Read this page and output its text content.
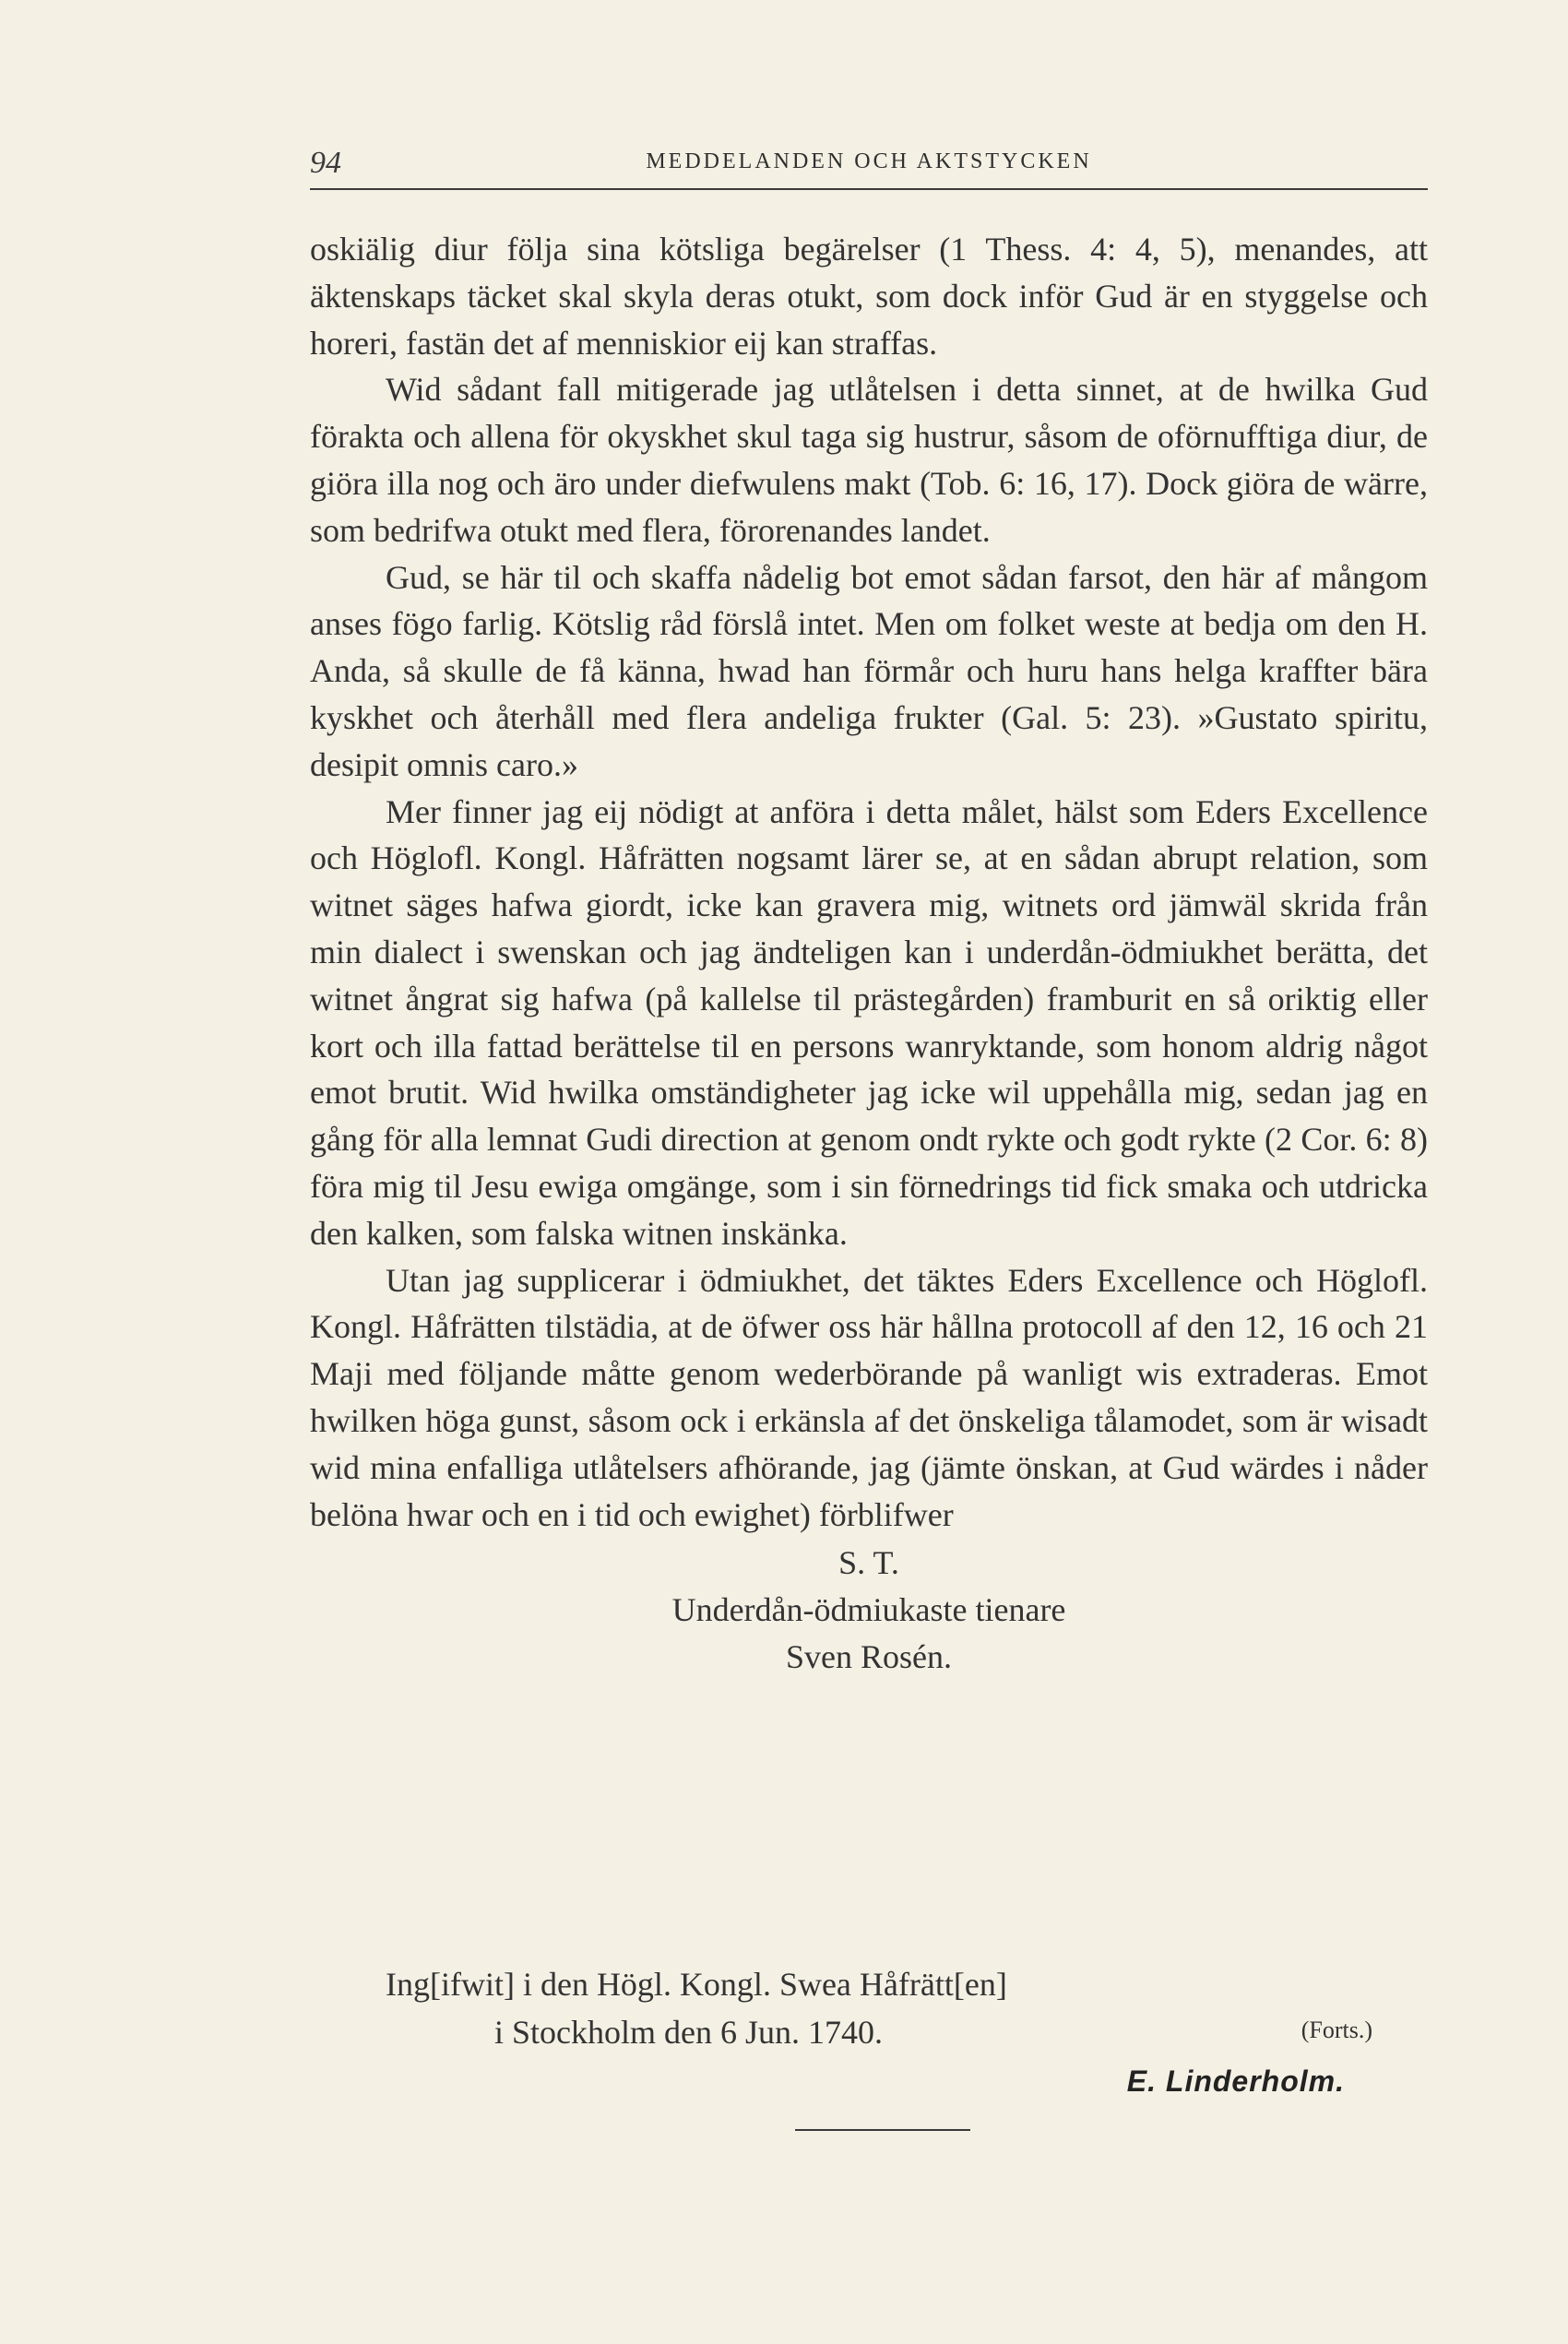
94	MEDDELANDEN OCH AKTSTYCKEN

oskiälig diur följa sina kötsliga begärelser (1 Thess. 4: 4, 5), menandes, att äktenskaps täcket skal skyla deras otukt, som dock inför Gud är en styggelse och horeri, fastän det af menniskior eij kan straffas.

Wid sådant fall mitigerade jag utlåtelsen i detta sinnet, at de hwilka Gud förakta och allena för okyskhet skul taga sig hustrur, såsom de oförnufftiga diur, de giöra illa nog och äro under diefwulens makt (Tob. 6: 16, 17). Dock giöra de wärre, som bedrifwa otukt med flera, förorenandes landet.

Gud, se här til och skaffa nådelig bot emot sådan farsot, den här af mångom anses fögo farlig. Kötslig råd förslå intet. Men om folket weste at bedja om den H. Anda, så skulle de få känna, hwad han förmår och huru hans helga kraffter bära kyskhet och återhåll med flera andeliga frukter (Gal. 5: 23). »Gustato spiritu, desipit omnis caro.»

Mer finner jag eij nödigt at anföra i detta målet, hälst som Eders Excellence och Höglofl. Kongl. Håfrätten nogsamt lärer se, at en sådan abrupt relation, som witnet säges hafwa giordt, icke kan gravera mig, witnets ord jämwäl skrida från min dialect i swenskan och jag ändteligen kan i underdån-ödmiukhet berätta, det witnet ångrat sig hafwa (på kallelse til prästegården) framburit en så oriktig eller kort och illa fattad berättelse til en persons wanryktande, som honom aldrig något emot brutit. Wid hwilka omständigheter jag icke wil uppehålla mig, sedan jag en gång för alla lemnat Gudi direction at genom ondt rykte och godt rykte (2 Cor. 6: 8) föra mig til Jesu ewiga omgänge, som i sin förnedrings tid fick smaka och utdricka den kalken, som falska witnen inskänka.

Utan jag supplicerar i ödmiukhet, det täktes Eders Excellence och Höglofl. Kongl. Håfrätten tilstädia, at de öfwer oss här hållna protocoll af den 12, 16 och 21 Maji med följande måtte genom wederbörande på wanligt wis extraderas. Emot hwilken höga gunst, såsom ock i erkänsla af det önskeliga tålamodet, som är wisadt wid mina enfalliga utlåtelsers afhörande, jag (jämte önskan, at Gud wärdes i nåder belöna hwar och en i tid och ewighet) förblifwer

S. T.

Underdån-ödmiukaste tienare

Sven Rosén.

Ing[ifwit] i den Högl. Kongl. Swea Håfrätt[en]
i Stockholm den 6 Jun. 1740.	(Forts.)
E. Linderholm.
